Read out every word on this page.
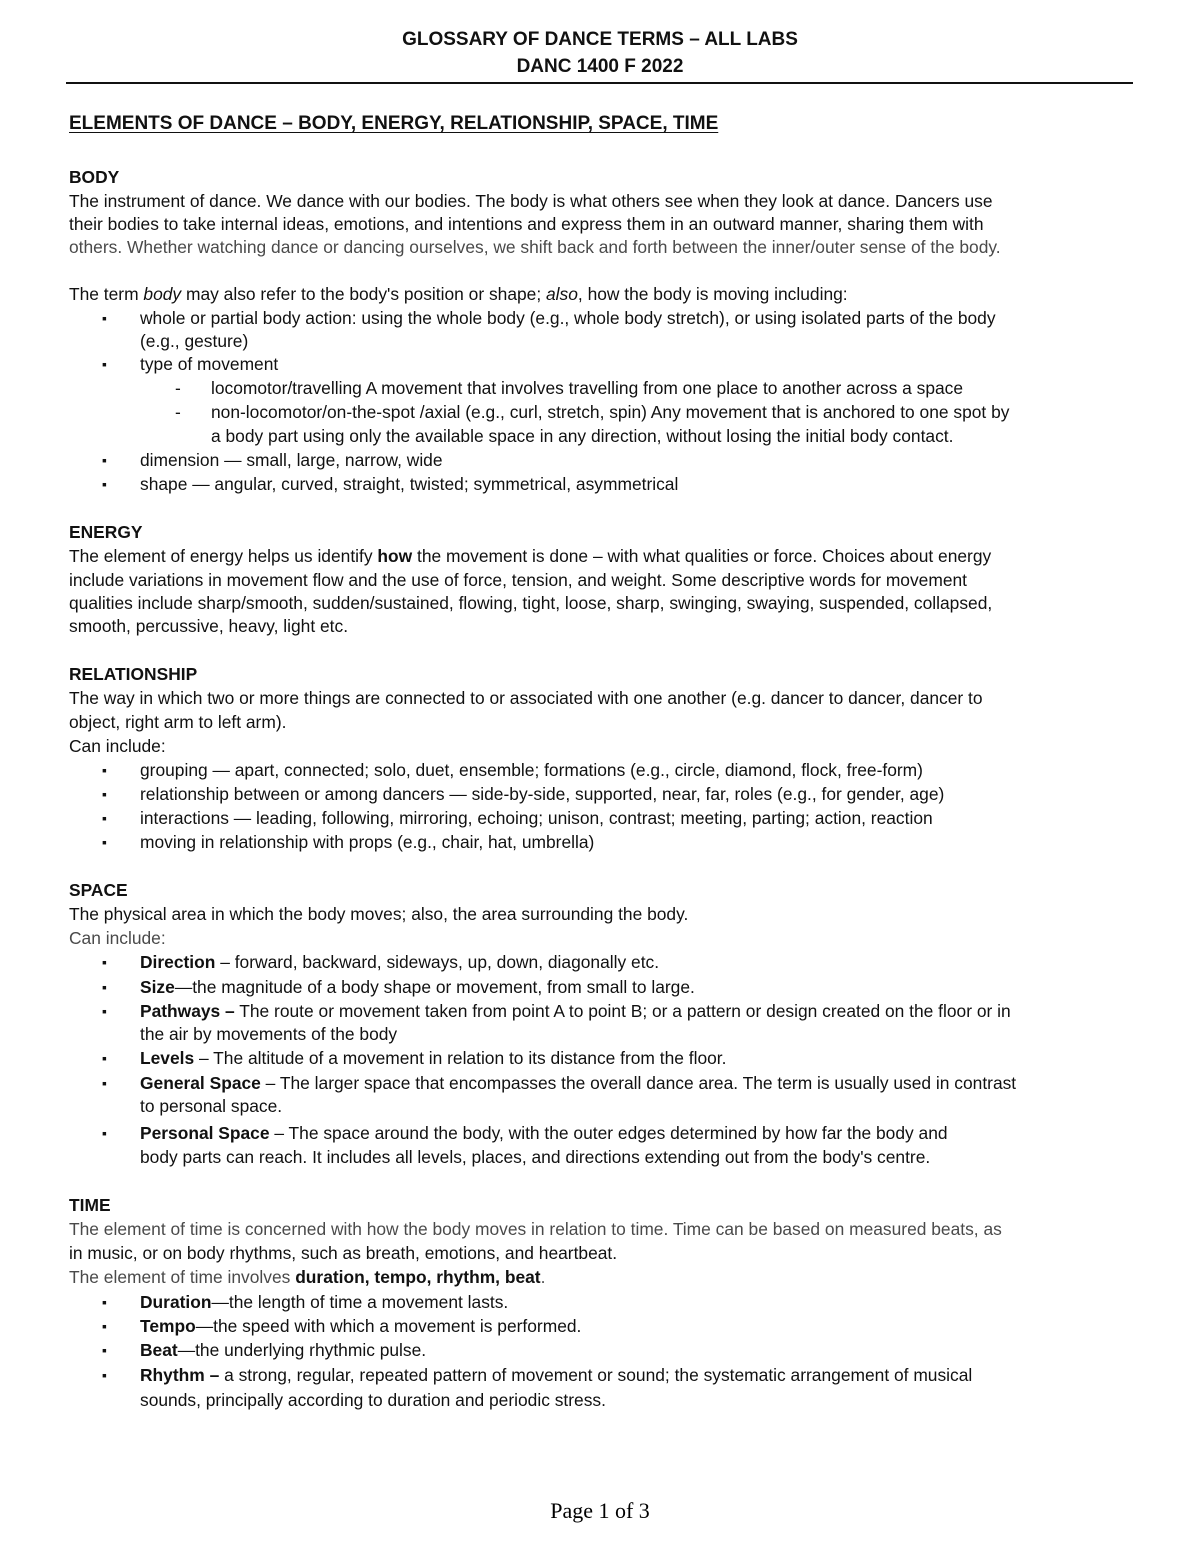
GLOSSARY OF DANCE TERMS – ALL LABS
DANC 1400 F 2022
ELEMENTS OF DANCE – BODY, ENERGY, RELATIONSHIP, SPACE, TIME
BODY
The instrument of dance. We dance with our bodies. The body is what others see when they look at dance. Dancers use
their bodies to take internal ideas, emotions, and intentions and express them in an outward manner, sharing them with
others. Whether watching dance or dancing ourselves, we shift back and forth between the inner/outer sense of the body.
The term body may also refer to the body's position or shape; also, how the body is moving including:
▪ whole or partial body action: using the whole body (e.g., whole body stretch), or using isolated parts of the body
(e.g., gesture)
▪ type of movement
- locomotor/travelling A movement that involves travelling from one place to another across a space
- non-locomotor/on-the-spot /axial (e.g., curl, stretch, spin) Any movement that is anchored to one spot by
a body part using only the available space in any direction, without losing the initial body contact.
▪ dimension — small, large, narrow, wide
▪ shape — angular, curved, straight, twisted; symmetrical, asymmetrical
ENERGY
The element of energy helps us identify how the movement is done – with what qualities or force. Choices about energy
include variations in movement flow and the use of force, tension, and weight. Some descriptive words for movement
qualities include sharp/smooth, sudden/sustained, flowing, tight, loose, sharp, swinging, swaying, suspended, collapsed,
smooth, percussive, heavy, light etc.
RELATIONSHIP
The way in which two or more things are connected to or associated with one another (e.g. dancer to dancer, dancer to
object, right arm to left arm).
Can include:
▪ grouping — apart, connected; solo, duet, ensemble; formations (e.g., circle, diamond, flock, free-form)
▪ relationship between or among dancers — side-by-side, supported, near, far, roles (e.g., for gender, age)
▪ interactions — leading, following, mirroring, echoing; unison, contrast; meeting, parting; action, reaction
▪ moving in relationship with props (e.g., chair, hat, umbrella)
SPACE
The physical area in which the body moves; also, the area surrounding the body.
Can include:
▪ Direction – forward, backward, sideways, up, down, diagonally etc.
▪ Size—the magnitude of a body shape or movement, from small to large.
▪ Pathways – The route or movement taken from point A to point B; or a pattern or design created on the floor or in
the air by movements of the body
▪ Levels – The altitude of a movement in relation to its distance from the floor.
▪ General Space – The larger space that encompasses the overall dance area. The term is usually used in contrast
to personal space.
▪ Personal Space – The space around the body, with the outer edges determined by how far the body and
body parts can reach. It includes all levels, places, and directions extending out from the body's centre.
TIME
The element of time is concerned with how the body moves in relation to time. Time can be based on measured beats, as
in music, or on body rhythms, such as breath, emotions, and heartbeat.
The element of time involves duration, tempo, rhythm, beat.
▪ Duration—the length of time a movement lasts.
▪ Tempo—the speed with which a movement is performed.
▪ Beat—the underlying rhythmic pulse.
▪ Rhythm – a strong, regular, repeated pattern of movement or sound; the systematic arrangement of musical
sounds, principally according to duration and periodic stress.
Page 1 of 3
